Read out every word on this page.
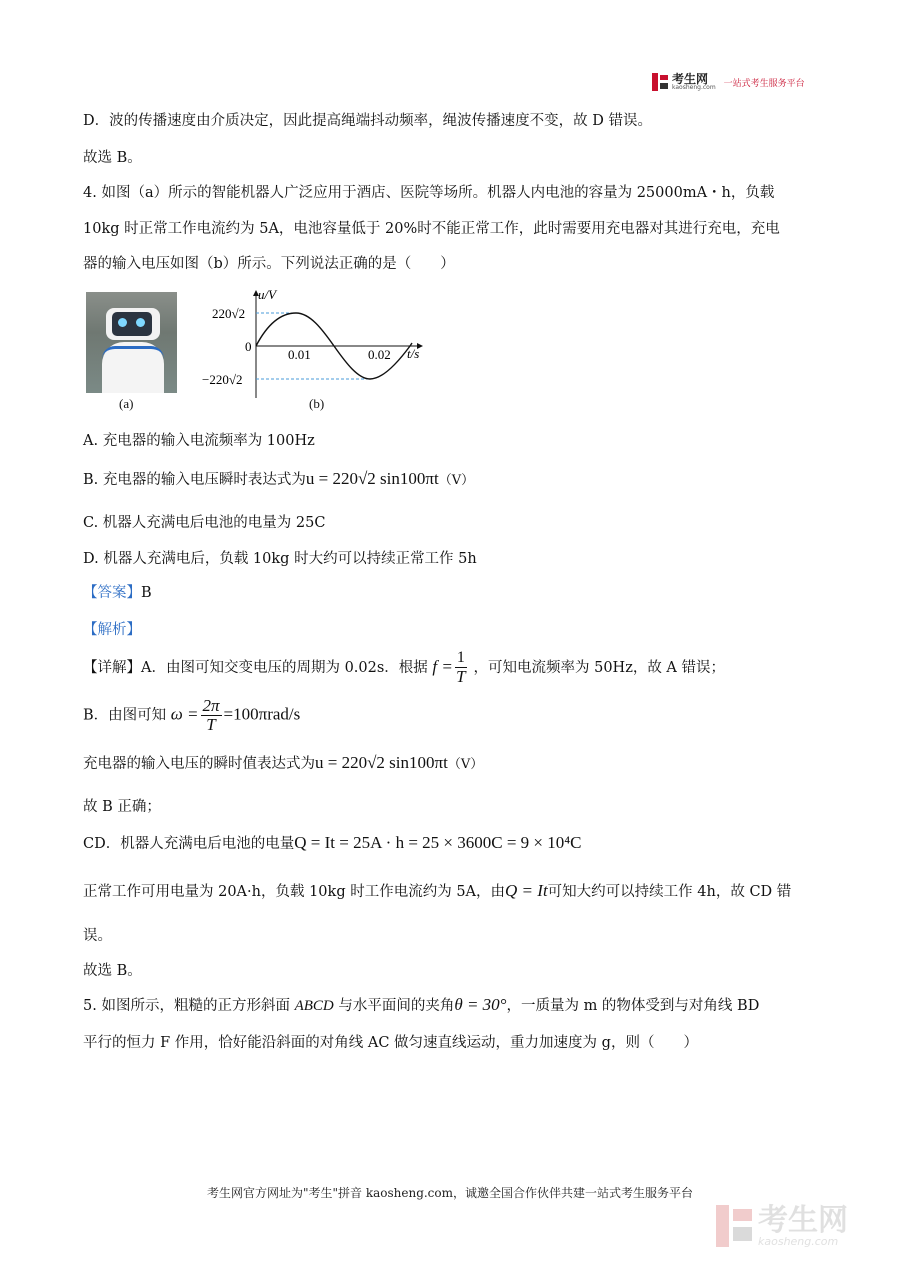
考生网
kaosheng.com 一站式考生服务平台
D．波的传播速度由介质决定，因此提高绳端抖动频率，绳波传播速度不变，故 D 错误。
故选 B。
4. 如图（a）所示的智能机器人广泛应用于酒店、医院等场所。机器人内电池的容量为 25000mA・h，负载
10kg 时正常工作电流约为 5A，电池容量低于 20%时不能正常工作，此时需要用充电器对其进行充电，充电
器的输入电压如图（b）所示。下列说法正确的是（　　）
(a)
u/V
t/s
220√2
−220√2
0
0.01	0.02
(b)
A. 充电器的输入电流频率为 100Hz
B. 充电器的输入电压瞬时表达式为u = 220√2 sin100πt（V）
C. 机器人充满电后电池的电量为 25C
D. 机器人充满电后，负载 10kg 时大约可以持续正常工作 5h
【答案】B
【解析】
【详解】A．由图可知交变电压的周期为 0.02s．根据 $f = \frac{1}{T}$ ，可知电流频率为 50Hz，故 A 错误；
B．由图可知 $\omega = \frac{2\pi}{T} =100\pi rad/s$
充电器的输入电压的瞬时值表达式为u = 220√2 sin100πt（V）
故 B 正确；
CD．机器人充满电后电池的电量Q = It = 25A · h = 25 × 3600C = 9 × 10⁴C
正常工作可用电量为 20A·h，负载 10kg 时工作电流约为 5A，由Q = It可知大约可以持续工作 4h，故 CD 错
误。
故选 B。
5. 如图所示，粗糙的正方形斜面 ABCD 与水平面间的夹角θ = 30°，一质量为 m 的物体受到与对角线 BD
平行的恒力 F 作用，恰好能沿斜面的对角线 AC 做匀速直线运动，重力加速度为 g，则（　　）
考生网官方网址为"考生"拼音 kaosheng.com，诚邀全国合作伙伴共建一站式考生服务平台
考生网
kaosheng.com
